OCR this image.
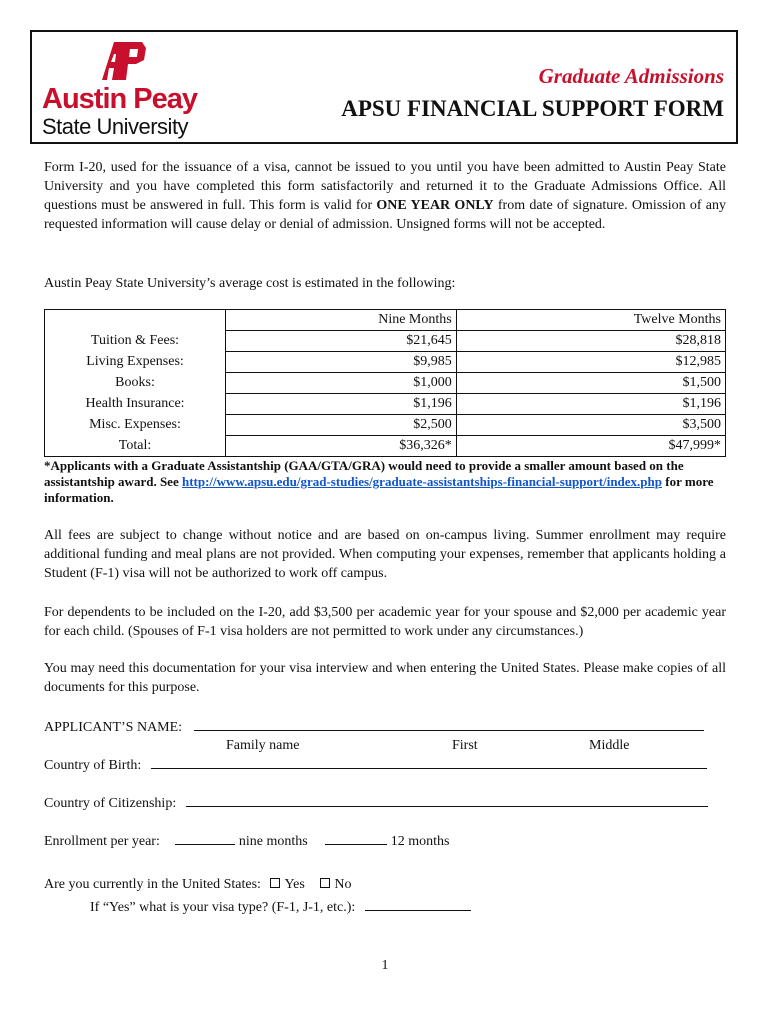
Austin Peay
State University
Graduate Admissions
APSU FINANCIAL SUPPORT FORM

Form I-20, used for the issuance of a visa, cannot be issued to you until you have been admitted to Austin Peay State University and you have completed this form satisfactorily and returned it to the Graduate Admissions Office. All questions must be answered in full. This form is valid for ONE YEAR ONLY from date of signature. Omission of any requested information will cause delay or denial of admission. Unsigned forms will not be accepted.

Austin Peay State University’s average cost is estimated in the following:

	Nine Months	Twelve Months
Tuition & Fees:	$21,645	$28,818
Living Expenses:	$9,985	$12,985
Books:	$1,000	$1,500
Health Insurance:	$1,196	$1,196
Misc. Expenses:	$2,500	$3,500
Total:	$36,326*	$47,999*

*Applicants with a Graduate Assistantship (GAA/GTA/GRA) would need to provide a smaller amount based on the assistantship award. See http://www.apsu.edu/grad-studies/graduate-assistantships-financial-support/index.php for more information.

All fees are subject to change without notice and are based on on-campus living. Summer enrollment may require additional funding and meal plans are not provided. When computing your expenses, remember that applicants holding a Student (F-1) visa will not be authorized to work off campus.

For dependents to be included on the I-20, add $3,500 per academic year for your spouse and $2,000 per academic year for each child. (Spouses of F-1 visa holders are not permitted to work under any circumstances.)

You may need this documentation for your visa interview and when entering the United States. Please make copies of all documents for this purpose.

APPLICANT’S NAME:
Family name	First	Middle
Country of Birth:
Country of Citizenship:
Enrollment per year:	nine months	12 months
Are you currently in the United States: Yes No
If “Yes” what is your visa type? (F-1, J-1, etc.):
1
